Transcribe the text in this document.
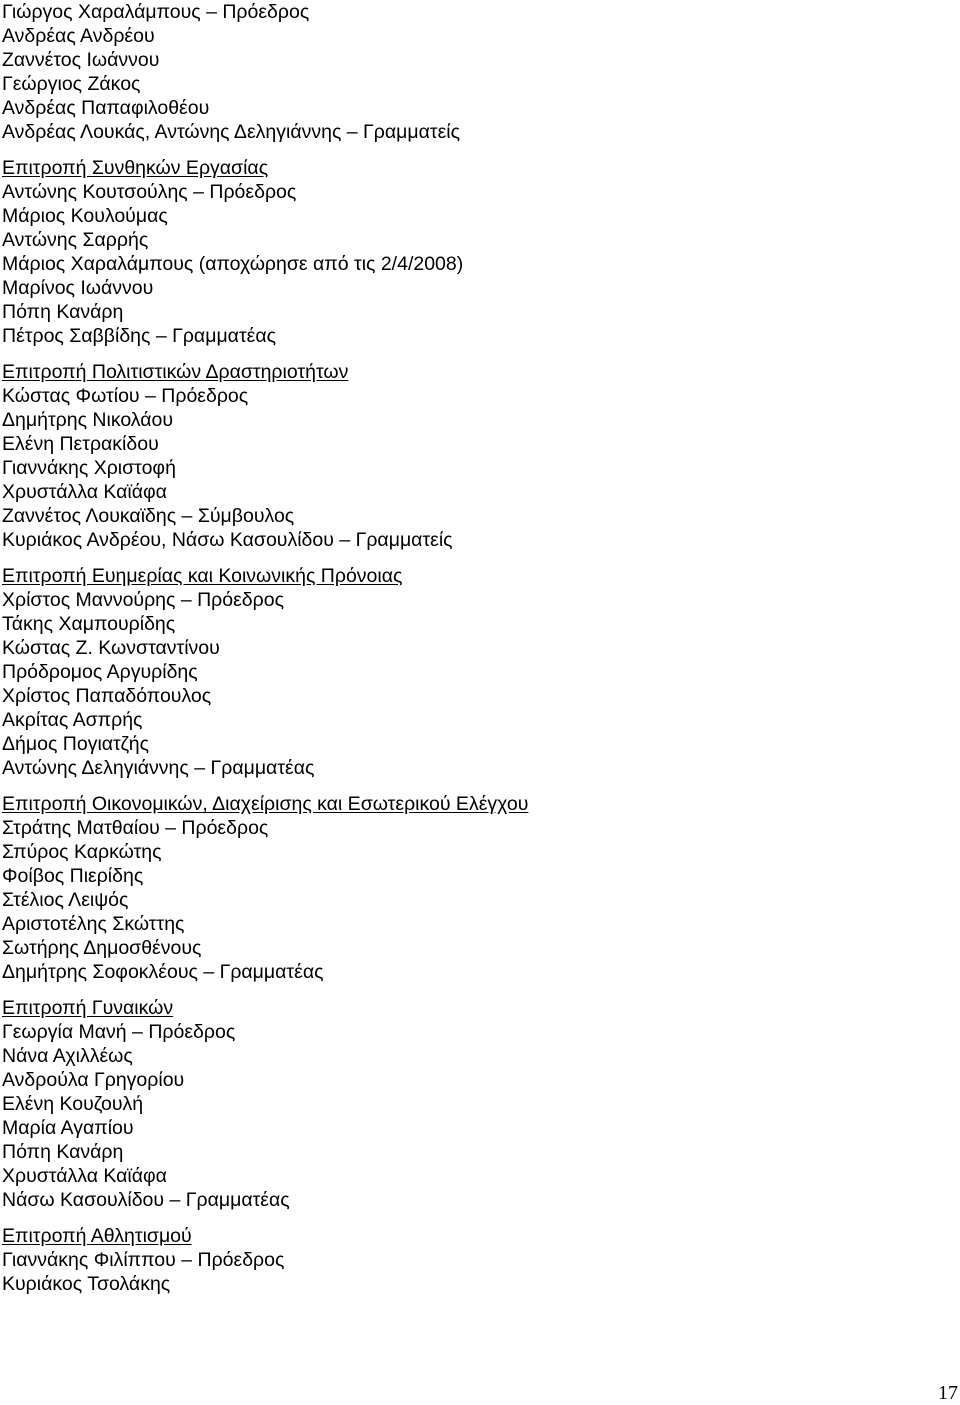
Γιώργος Χαραλάμπους – Πρόεδρος
Ανδρέας Ανδρέου
Ζαννέτος Ιωάννου
Γεώργιος Ζάκος
Ανδρέας Παπαφιλοθέου
Ανδρέας Λουκάς, Αντώνης Δεληγιάννης – Γραμματείς
Επιτροπή Συνθηκών Εργασίας
Αντώνης Κουτσούλης – Πρόεδρος
Μάριος Κουλούμας
Αντώνης Σαρρής
Μάριος Χαραλάμπους (αποχώρησε από τις 2/4/2008)
Μαρίνος Ιωάννου
Πόπη Κανάρη
Πέτρος Σαββίδης – Γραμματέας
Επιτροπή Πολιτιστικών Δραστηριοτήτων
Κώστας Φωτίου – Πρόεδρος
Δημήτρης Νικολάου
Ελένη Πετρακίδου
Γιαννάκης Χριστοφή
Χρυστάλλα Καϊάφα
Ζαννέτος Λουκαϊδης – Σύμβουλος
Κυριάκος Ανδρέου, Νάσω Κασουλίδου – Γραμματείς
Επιτροπή Ευημερίας και Κοινωνικής Πρόνοιας
Χρίστος Μαννούρης – Πρόεδρος
Τάκης Χαμπουρίδης
Κώστας Ζ. Κωνσταντίνου
Πρόδρομος Αργυρίδης
Χρίστος Παπαδόπουλος
Ακρίτας Ασπρής
Δήμος Πογιατζής
Αντώνης Δεληγιάννης – Γραμματέας
Επιτροπή Οικονομικών, Διαχείρισης και Εσωτερικού Ελέγχου
Στράτης Ματθαίου – Πρόεδρος
Σπύρος Καρκώτης
Φοίβος Πιερίδης
Στέλιος Λειψός
Αριστοτέλης Σκώττης
Σωτήρης Δημοσθένους
Δημήτρης Σοφοκλέους – Γραμματέας
Επιτροπή Γυναικών
Γεωργία Μανή – Πρόεδρος
Νάνα Αχιλλέως
Ανδρούλα Γρηγορίου
Ελένη Κουζουλή
Μαρία Αγαπίου
Πόπη Κανάρη
Χρυστάλλα Καϊάφα
Νάσω Κασουλίδου – Γραμματέας
Επιτροπή Αθλητισμού
Γιαννάκης Φιλίππου – Πρόεδρος
Κυριάκος Τσολάκης
17
